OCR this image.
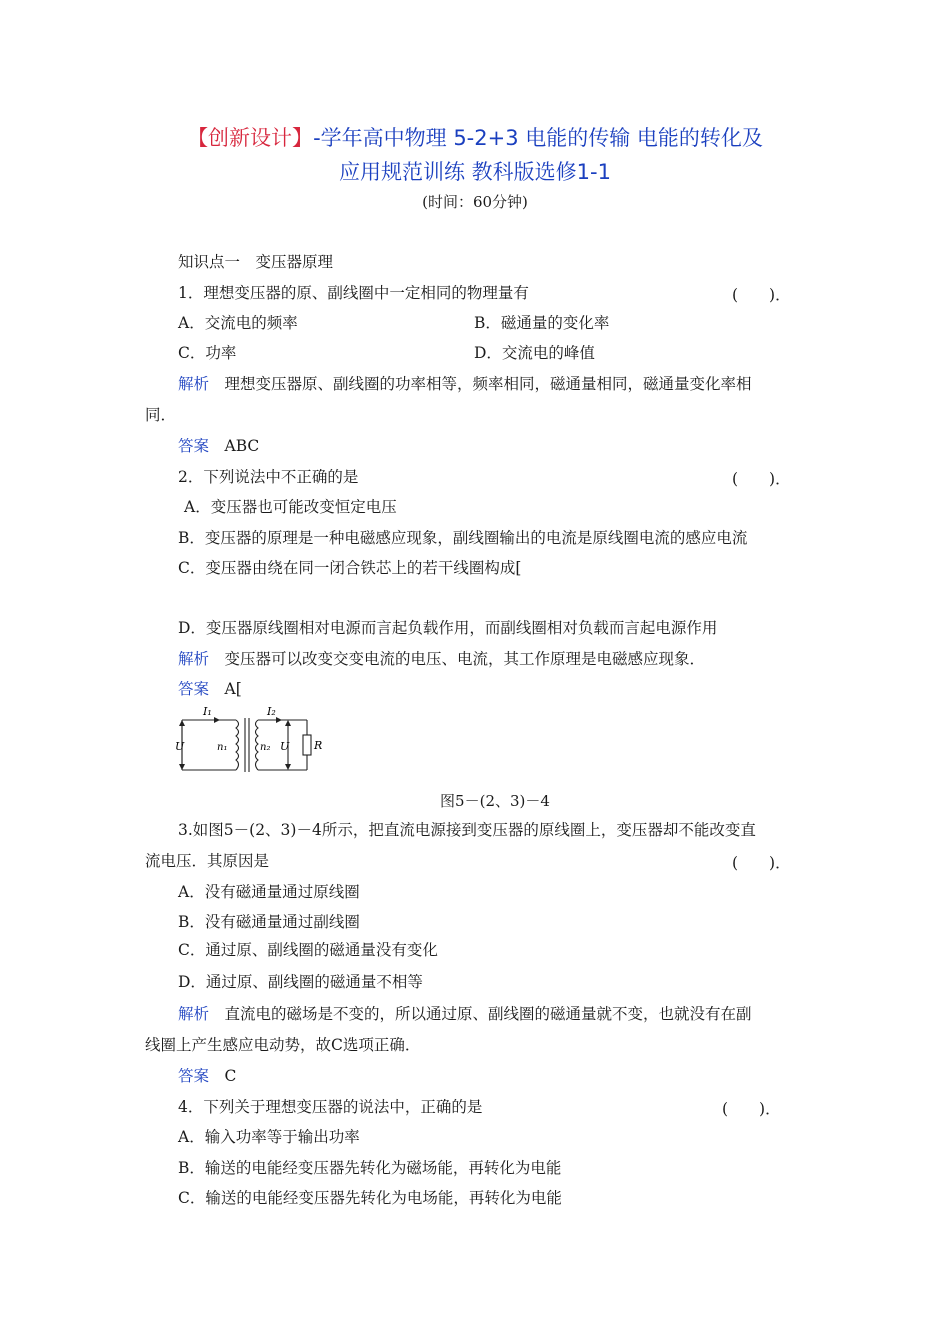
【创新设计】-学年高中物理 5-2+3 电能的传输 电能的转化及
应用规范训练 教科版选修1-1
(时间：60分钟)
知识点一　变压器原理
1．理想变压器的原、副线圈中一定相同的物理量有	(　　)．
A．交流电的频率	B．磁通量的变化率
C．功率	D．交流电的峰值
解析　 理想变压器原、副线圈的功率相等，频率相同，磁通量相同，磁通量变化率相
同．
答案　 ABC
2．下列说法中不正确的是	(　　)．
A．变压器也可能改变恒定电压
B．变压器的原理是一种电磁感应现象，副线圈输出的电流是原线圈电流的感应电流
C．变压器由绕在同一闭合铁芯上的若干线圈构成[
D．变压器原线圈相对电源而言起负载作用，而副线圈相对负载而言起电源作用
解析　 变压器可以改变交变电流的电压、电流，其工作原理是电磁感应现象．
答案　 A[
I₁	I₂
U	n₁	n₂ U R
图5－(2、3)－4
3.如图5－(2、3)－4所示，把直流电源接到变压器的原线圈上，变压器却不能改变直
流电压．其原因是	(　　)．
A．没有磁通量通过原线圈
B．没有磁通量通过副线圈
C．通过原、副线圈的磁通量没有变化
D．通过原、副线圈的磁通量不相等
解析　 直流电的磁场是不变的，所以通过原、副线圈的磁通量就不变，也就没有在副
线圈上产生感应电动势，故C选项正确．
答案　 C
4．下列关于理想变压器的说法中，正确的是	(　　)．
A．输入功率等于输出功率
B．输送的电能经变压器先转化为磁场能，再转化为电能
C．输送的电能经变压器先转化为电场能，再转化为电能
